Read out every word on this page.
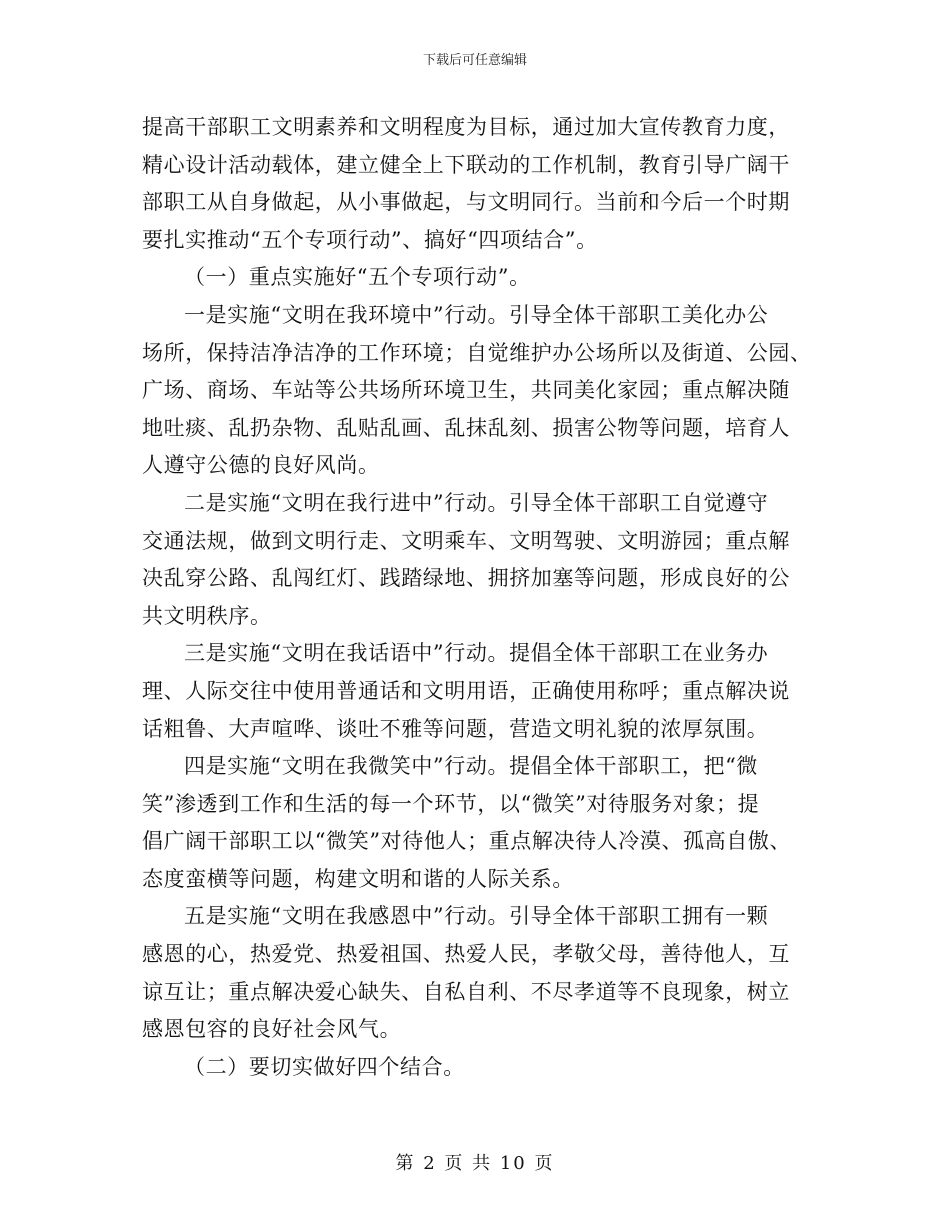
下载后可任意编辑
提高干部职工文明素养和文明程度为目标，通过加大宣传教育力度，
精心设计活动载体，建立健全上下联动的工作机制，教育引导广阔干
部职工从自身做起，从小事做起，与文明同行。当前和今后一个时期
要扎实推动“五个专项行动”、搞好“四项结合”。
（一）重点实施好“五个专项行动”。
一是实施“文明在我环境中”行动。引导全体干部职工美化办公
场所，保持洁净洁净的工作环境；自觉维护办公场所以及街道、公园、
广场、商场、车站等公共场所环境卫生，共同美化家园；重点解决随
地吐痰、乱扔杂物、乱贴乱画、乱抹乱刻、损害公物等问题，培育人
人遵守公德的良好风尚。
二是实施“文明在我行进中”行动。引导全体干部职工自觉遵守
交通法规，做到文明行走、文明乘车、文明驾驶、文明游园；重点解
决乱穿公路、乱闯红灯、践踏绿地、拥挤加塞等问题，形成良好的公
共文明秩序。
三是实施“文明在我话语中”行动。提倡全体干部职工在业务办
理、人际交往中使用普通话和文明用语，正确使用称呼；重点解决说
话粗鲁、大声喧哗、谈吐不雅等问题，营造文明礼貌的浓厚氛围。
四是实施“文明在我微笑中”行动。提倡全体干部职工，把“微
笑”渗透到工作和生活的每一个环节，以“微笑”对待服务对象；提
倡广阔干部职工以“微笑”对待他人；重点解决待人冷漠、孤高自傲、
态度蛮横等问题，构建文明和谐的人际关系。
五是实施“文明在我感恩中”行动。引导全体干部职工拥有一颗
感恩的心，热爱党、热爱祖国、热爱人民，孝敬父母，善待他人，互
谅互让；重点解决爱心缺失、自私自利、不尽孝道等不良现象，树立
感恩包容的良好社会风气。
（二）要切实做好四个结合。
第 2 页 共 10 页
